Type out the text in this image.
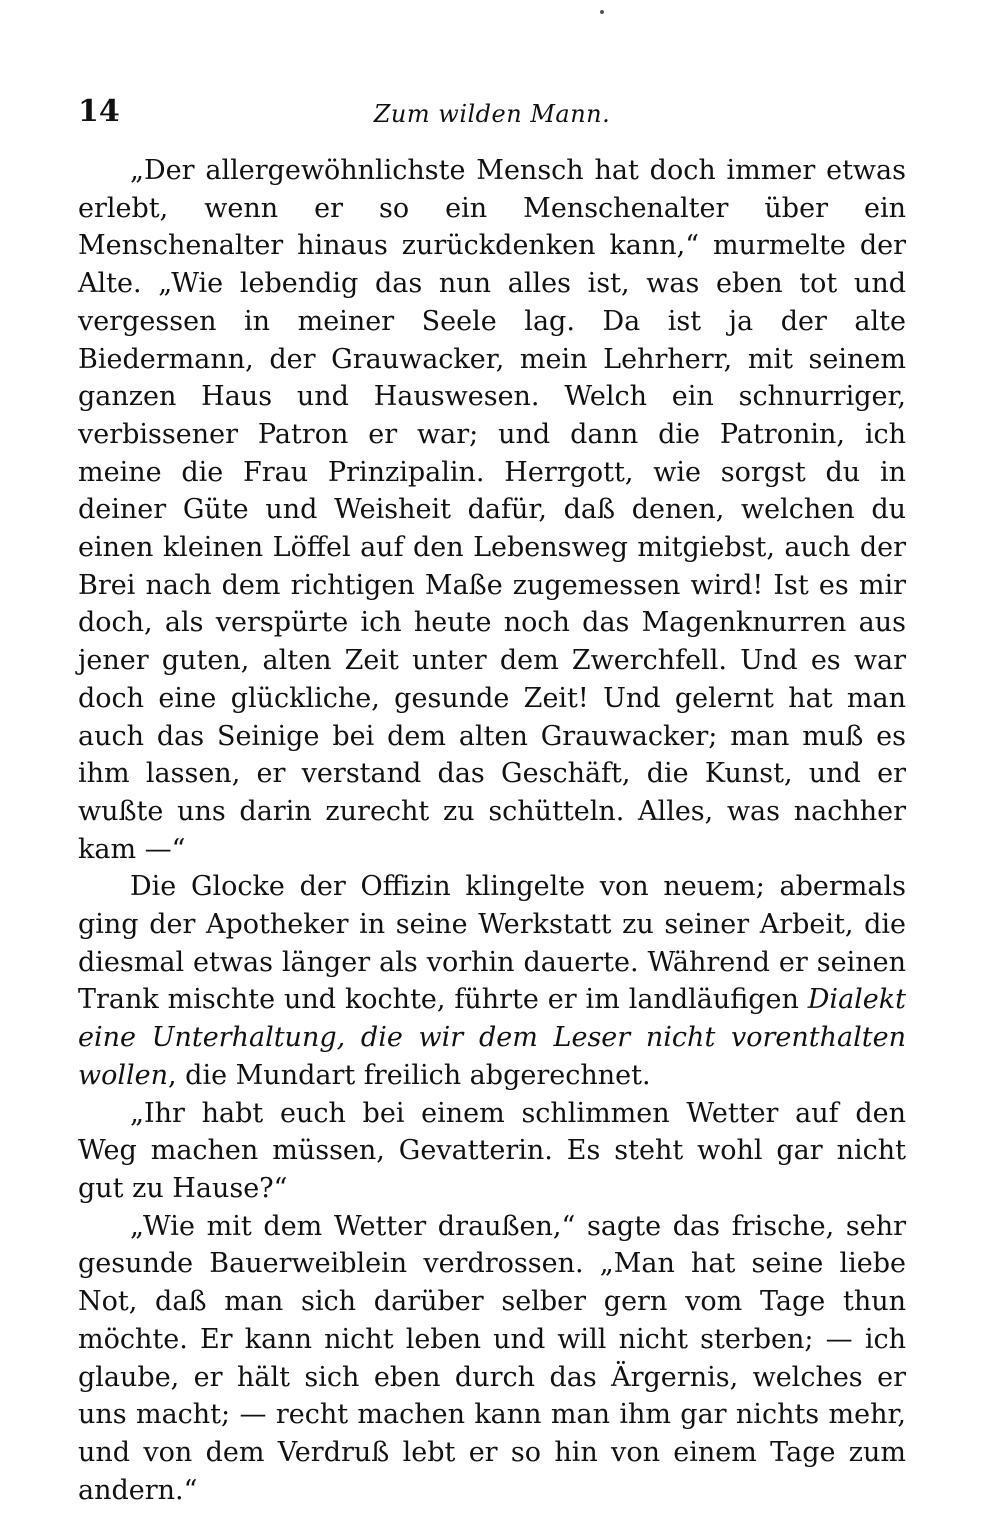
14	Zum wilden Mann.

„Der allergewöhnlichste Mensch hat doch immer etwas erlebt, wenn er so ein Menschenalter über ein Menschenalter hinaus zurückdenken kann,“ murmelte der Alte. „Wie lebendig das nun alles ist, was eben tot und vergessen in meiner Seele lag. Da ist ja der alte Biedermann, der Grauwacker, mein Lehrherr, mit seinem ganzen Haus und Hauswesen. Welch ein schnurriger, verbissener Patron er war; und dann die Patronin, ich meine die Frau Prinzipalin. Herrgott, wie sorgst du in deiner Güte und Weisheit dafür, daß denen, welchen du einen kleinen Löffel auf den Lebensweg mitgiebst, auch der Brei nach dem richtigen Maße zugemessen wird! Ist es mir doch, als verspürte ich heute noch das Magenknurren aus jener guten, alten Zeit unter dem Zwerchfell. Und es war doch eine glückliche, gesunde Zeit! Und gelernt hat man auch das Seinige bei dem alten Grauwacker; man muß es ihm lassen, er verstand das Geschäft, die Kunst, und er wußte uns darin zurecht zu schütteln. Alles, was nachher kam —“

Die Glocke der Offizin klingelte von neuem; abermals ging der Apotheker in seine Werkstatt zu seiner Arbeit, die diesmal etwas länger als vorhin dauerte. Während er seinen Trank mischte und kochte, führte er im landläufigen Dialekt eine Unterhaltung, die wir dem Leser nicht vorenthalten wollen, die Mundart freilich abgerechnet.

„Ihr habt euch bei einem schlimmen Wetter auf den Weg machen müssen, Gevatterin. Es steht wohl gar nicht gut zu Hause?“

„Wie mit dem Wetter draußen,“ sagte das frische, sehr gesunde Bauerweiblein verdrossen. „Man hat seine liebe Not, daß man sich darüber selber gern vom Tage thun möchte. Er kann nicht leben und will nicht sterben; — ich glaube, er hält sich eben durch das Ärgernis, welches er uns macht; — recht machen kann man ihm gar nichts mehr, und von dem Verdruß lebt er so hin von einem Tage zum andern.“
